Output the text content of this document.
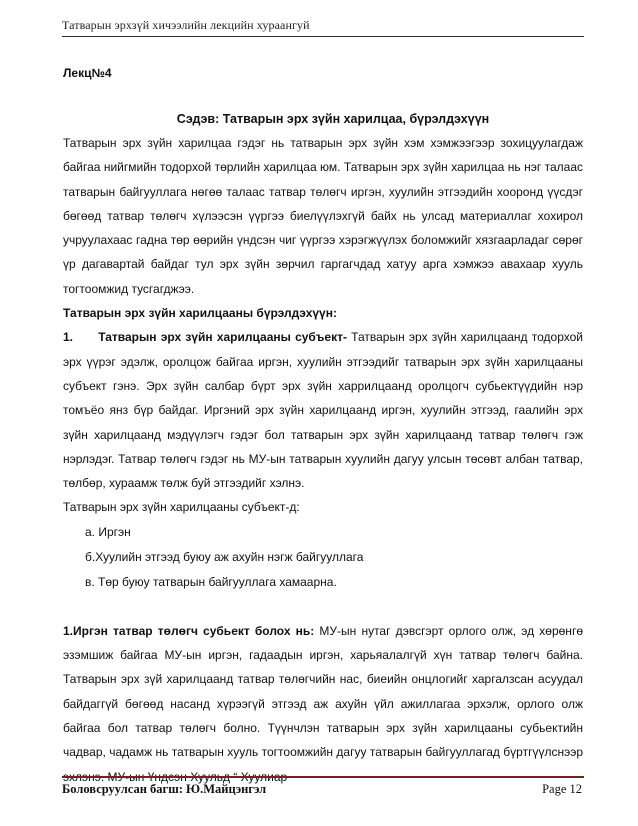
Татварын эрхзүй хичээлийн лекцийн хураангуй
Лекц№4
Сэдэв: Татварын эрх зүйн харилцаа, бүрэлдэхүүн

Татварын эрх зүйн харилцаа гэдэг нь татварын эрх зүйн хэм хэмжээгээр зохицуулагдаж байгаа нийгмийн тодорхой төрлийн харилцаа юм. Татварын эрх зүйн харилцаа нь нэг талаас татварын байгууллага нөгөө талаас татвар төлөгч иргэн, хуулийн этгээдийн хооронд үүсдэг бөгөөд татвар төлөгч хүлээсэн үүргээ биелүүлэхгүй байх нь улсад материаллаг хохирол учруулахаас гадна төр өөрийн үндсэн чиг үүргээ хэрэгжүүлэх боломжийг хязгаарладаг сөрөг үр дагавартай байдаг тул эрх зүйн зөрчил гаргагчдад хатуу арга хэмжээ авахаар хууль тогтоомжид тусгагджээ.

Татварын эрх зүйн харилцааны бүрэлдэхүүн:

1.      Татварын эрх зүйн харилцааны субъект- Татварын эрх зүйн харилцаанд тодорхой эрх үүрэг эдэлж, оролцож байгаа иргэн, хуулийн этгээдийг татварын эрх зүйн харилцааны субъект гэнэ. Эрх зүйн салбар бүрт эрх зүйн харрилцаанд оролцогч субьектүүдийн нэр томъёо янз бүр байдаг. Иргэний эрх зүйн харилцаанд иргэн, хуулийн этгээд, гаалийн эрх зүйн харилцаанд мэдүүлэгч гэдэг бол татварын эрх зүйн харилцаанд татвар төлөгч гэж нэрлэдэг. Татвар төлөгч гэдэг нь МУ-ын татварын хуулийн дагуу улсын төсөвт албан татвар, төлбөр, хураамж төлж буй этгээдийг хэлнэ.

Татварын эрх зүйн харилцааны субъект-д:
а. Иргэн
б.Хуулийн этгээд буюу аж ахуйн нэгж байгууллага
в. Төр буюу татварын байгууллага хамаарна.

1.Иргэн татвар төлөгч субьект болох нь: МУ-ын нутаг дэвсгэрт орлого олж, эд хөрөнгө эзэмшиж байгаа МУ-ын иргэн, гадаадын иргэн, харьяалалгүй хүн татвар төлөгч байна. Татварын эрх зүй харилцаанд татвар төлөгчийн нас, биеийн онцлогийг харгалзсан асуудал байдаггүй бөгөөд насанд хүрээгүй этгээд аж ахуйн үйл ажиллагаа эрхэлж, орлого олж байгаа бол татвар төлөгч болно. Түүнчлэн татварын эрх зүйн харилцааны субьектийн чадвар, чадамж нь татварын хууль тогтоомжийн дагуу татварын байгууллагад бүртгүүлснээр эхлэнэ. МУ-ын Үндсэн Хуульд “ Хуулиар

Боловсруулсан багш: Ю.Майцэнгэл	Page 12
